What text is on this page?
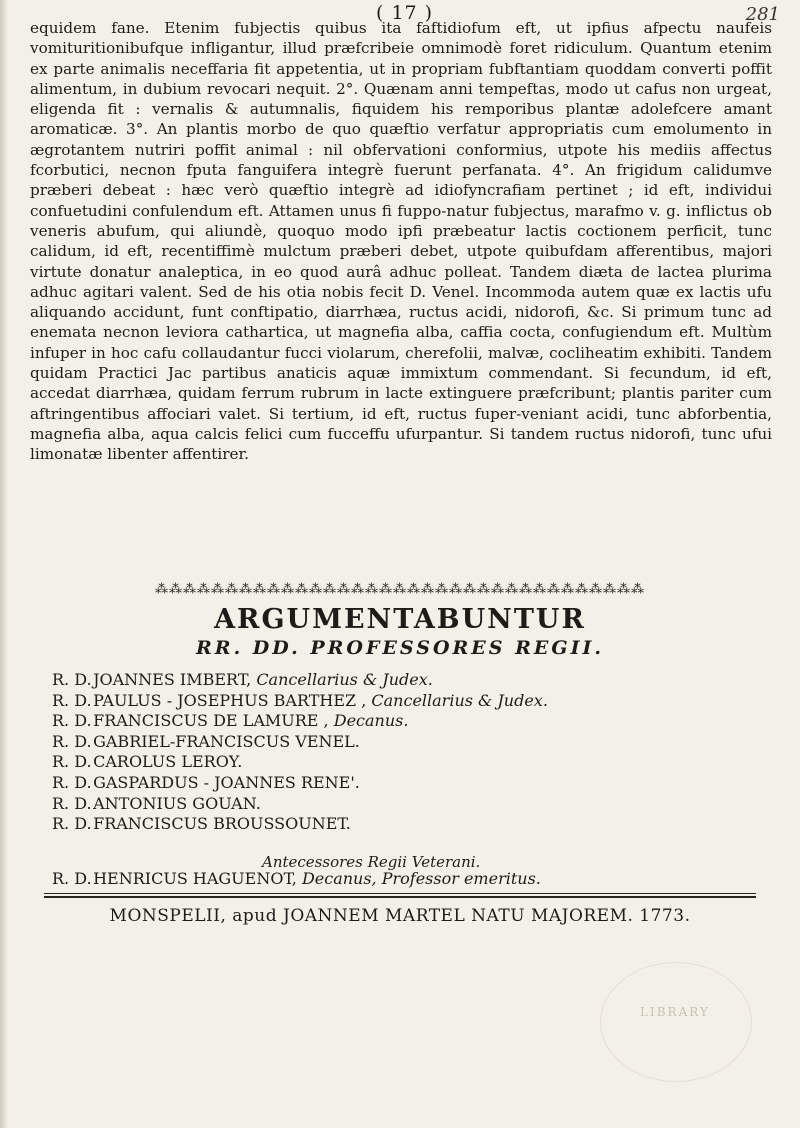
( 17 )	281
equidem fane. Etenim fubjectis quibus ita faftidiofum eft, ut ipfius afpectu naufeis vomituritionibufque infligantur, illud præfcribeie omnimodè foret ridiculum. Quantum etenim ex parte animalis neceffaria fit appetentia, ut in propriam fubftantiam quoddam converti poffit alimentum, in dubium revocari nequit. 2°. Quænam anni tempeftas, modo ut cafus non urgeat, eligenda fit : vernalis & autumnalis, fiquidem his remporibus plantæ adolefcere amant aromaticæ. 3°. An plantis morbo de quo quæftio verfatur appropriatis cum emolumento in ægrotantem nutriri poffit animal : nil obfervationi conformius, utpote his mediis affectus fcorbutici, necnon fputa fanguifera integrè fuerunt perfanata. 4°. An frigidum calidumve præberi debeat : hæc verò quæftio integrè ad idiofyncrafiam pertinet ; id eft, individui confuetudini confulendum eft. Attamen unus fi fuppo-natur fubjectus, marafmo v. g. inflictus ob veneris abufum, qui aliundè, quoquo modo ipfi præbeatur lactis coctionem perficit, tunc calidum, id eft, recentiffimè mulctum præberi debet, utpote quibufdam afferentibus, majori virtute donatur analeptica, in eo quod aurâ adhuc polleat. Tandem diæta de lactea plurima adhuc agitari valent. Sed de his otia nobis fecit D. Venel. Incommoda autem quæ ex lactis ufu aliquando accidunt, funt conftipatio, diarrhæa, ructus acidi, nidorofi, &c. Si primum tunc ad enemata necnon leviora cathartica, ut magnefia alba, caffia cocta, confugiendum eft. Multùm infuper in hoc cafu collaudantur fucci violarum, cherefolii, malvæ, cocliheatim exhibiti. Tandem quidam Practici Jac partibus anaticis aquæ immixtum commendant. Si fecundum, id eft, accedat diarrhæa, quidam ferrum rubrum in lacte extinguere præfcribunt; plantis pariter cum aftringentibus affociari valet. Si tertium, id eft, ructus fuper-veniant acidi, tunc abforbentia, magnefia alba, aqua calcis felici cum fucceffu ufurpantur. Si tandem ructus nidorofi, tunc ufui limonatæ libenter affentirer.
⁂⁂⁂⁂⁂⁂⁂⁂⁂⁂⁂⁂⁂⁂⁂⁂⁂⁂⁂⁂⁂⁂⁂⁂⁂⁂⁂⁂⁂⁂⁂⁂⁂⁂⁂
ARGUMENTABUNTUR
RR. DD. PROFESSORES REGII.
R. D. JOANNES IMBERT, Cancellarius & Judex.
R. D. PAULUS - JOSEPHUS BARTHEZ , Cancellarius & Judex.
R. D. FRANCISCUS DE LAMURE , Decanus.
R. D. GABRIEL-FRANCISCUS VENEL.
R. D. CAROLUS LEROY.
R. D. GASPARDUS - JOANNES RENE'.
R. D. ANTONIUS GOUAN.
R. D. FRANCISCUS BROUSSOUNET.
Antecessores Regii Veterani.
R. D. HENRICUS HAGUENOT, Decanus, Professor emeritus.
MONSPELII, apud JOANNEM MARTEL NATU MAJOREM. 1773.
LIBRARY
